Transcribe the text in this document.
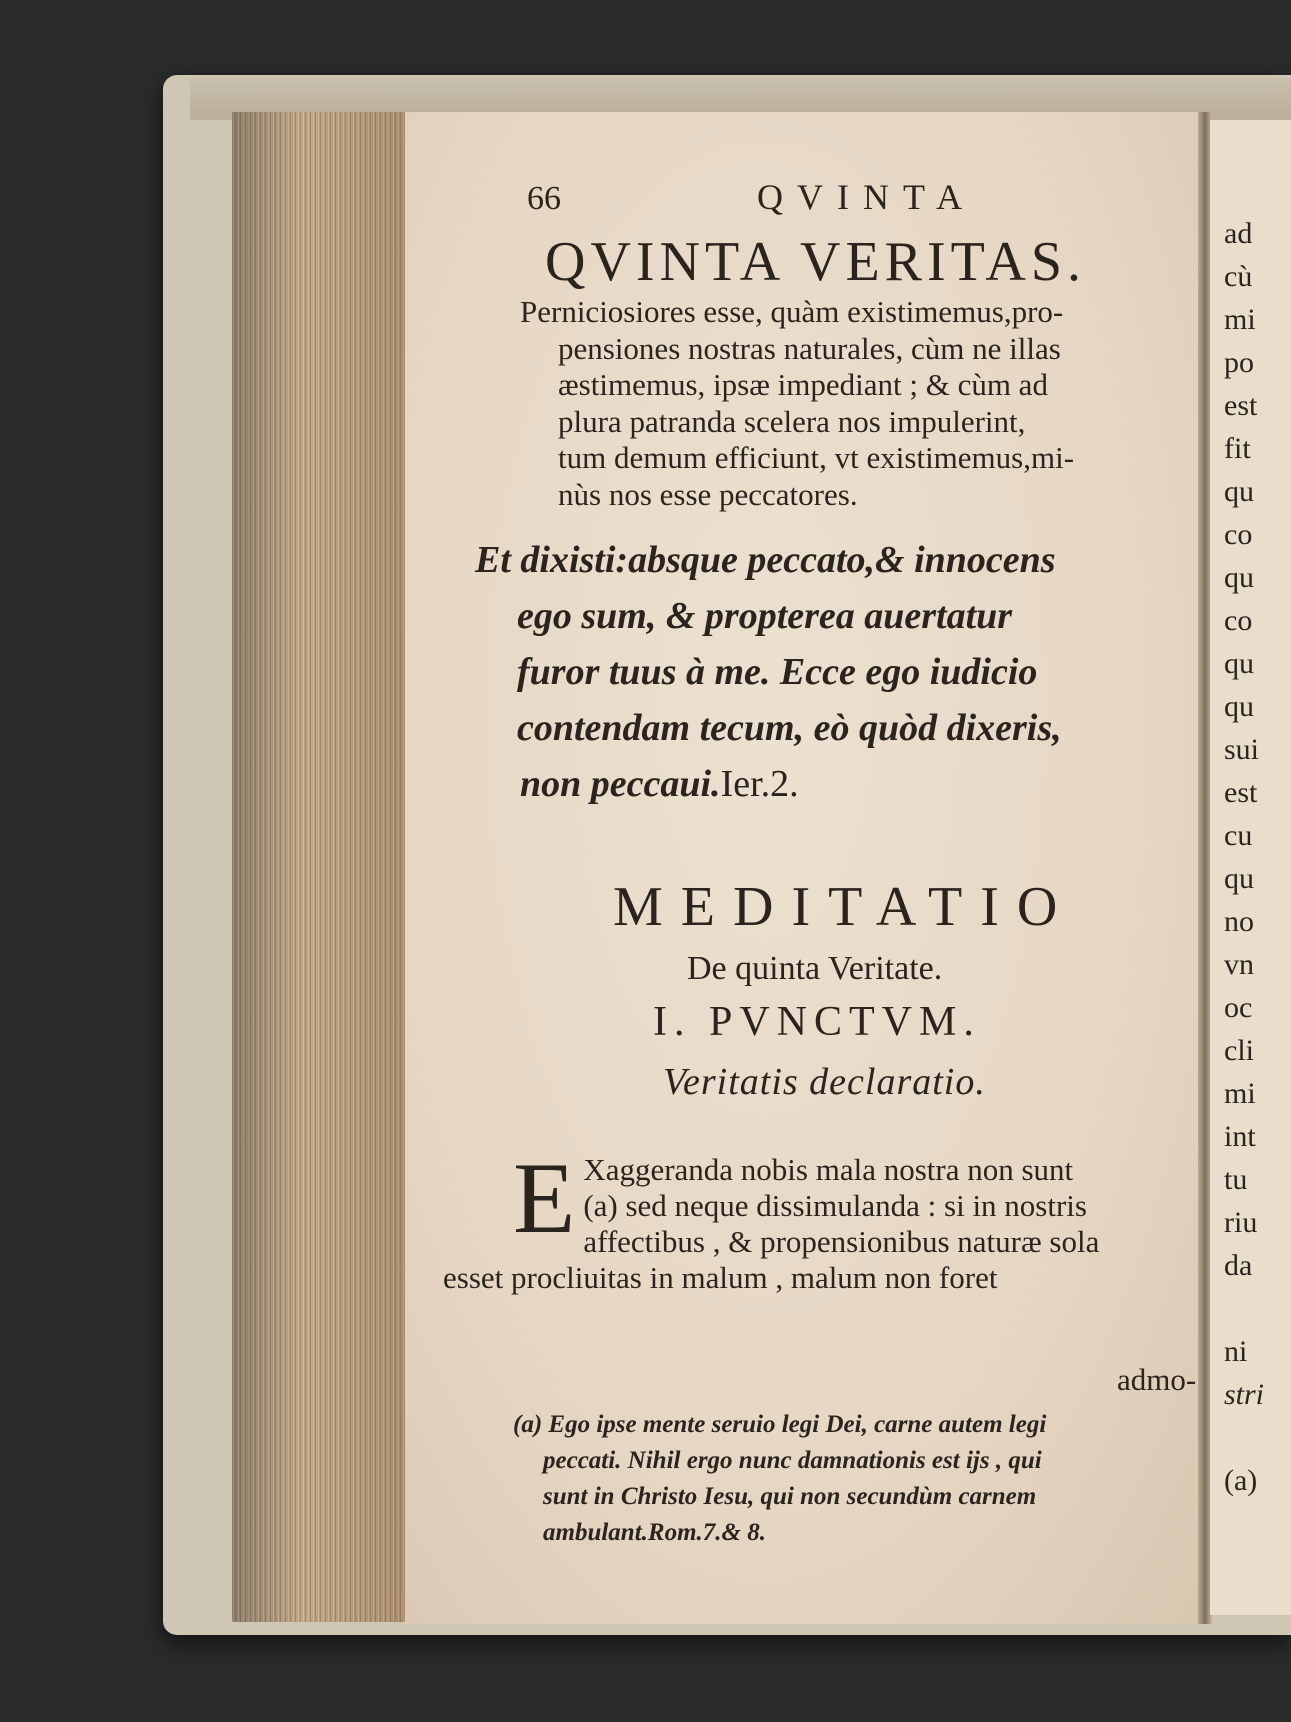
66	QVINTA
QVINTA VERITAS.

Perniciosiores esse, quàm existimemus,pro-

pensiones nostras naturales, cùm ne illas

æstimemus, ipsæ impediant ; & cùm ad

plura patranda scelera nos impulerint,

tum demum efficiunt, vt existimemus,mi-

nùs nos esse peccatores.

Et dixisti:absque peccato,& innocens
ego sum, & propterea auertatur
furor tuus à me. Ecce ego iudicio
contendam tecum, eò quòd dixeris,
non peccaui.Ier.2.
MEDITATIO
De quinta Veritate.
I. PVNCTVM.
Veritatis declaratio.
E Xaggeranda nobis mala nostra non sunt
(a) sed neque dissimulanda : si in nostris
affectibus , & propensionibus naturæ sola
esset procliuitas in malum , malum non foret
admo-
(a) Ego ipse mente seruio legi Dei, carne autem legi
peccati. Nihil ergo nunc damnationis est ijs , qui
sunt in Christo Iesu, qui non secundùm carnem
ambulant.Rom.7.& 8.
ad
cù
mi
po
est
fit
qu
co
qu
co
qu
qu
sui
est
cu
qu
no
vn
oc
cli
mi
int
tu
riu
da
ni
stri
(a)
